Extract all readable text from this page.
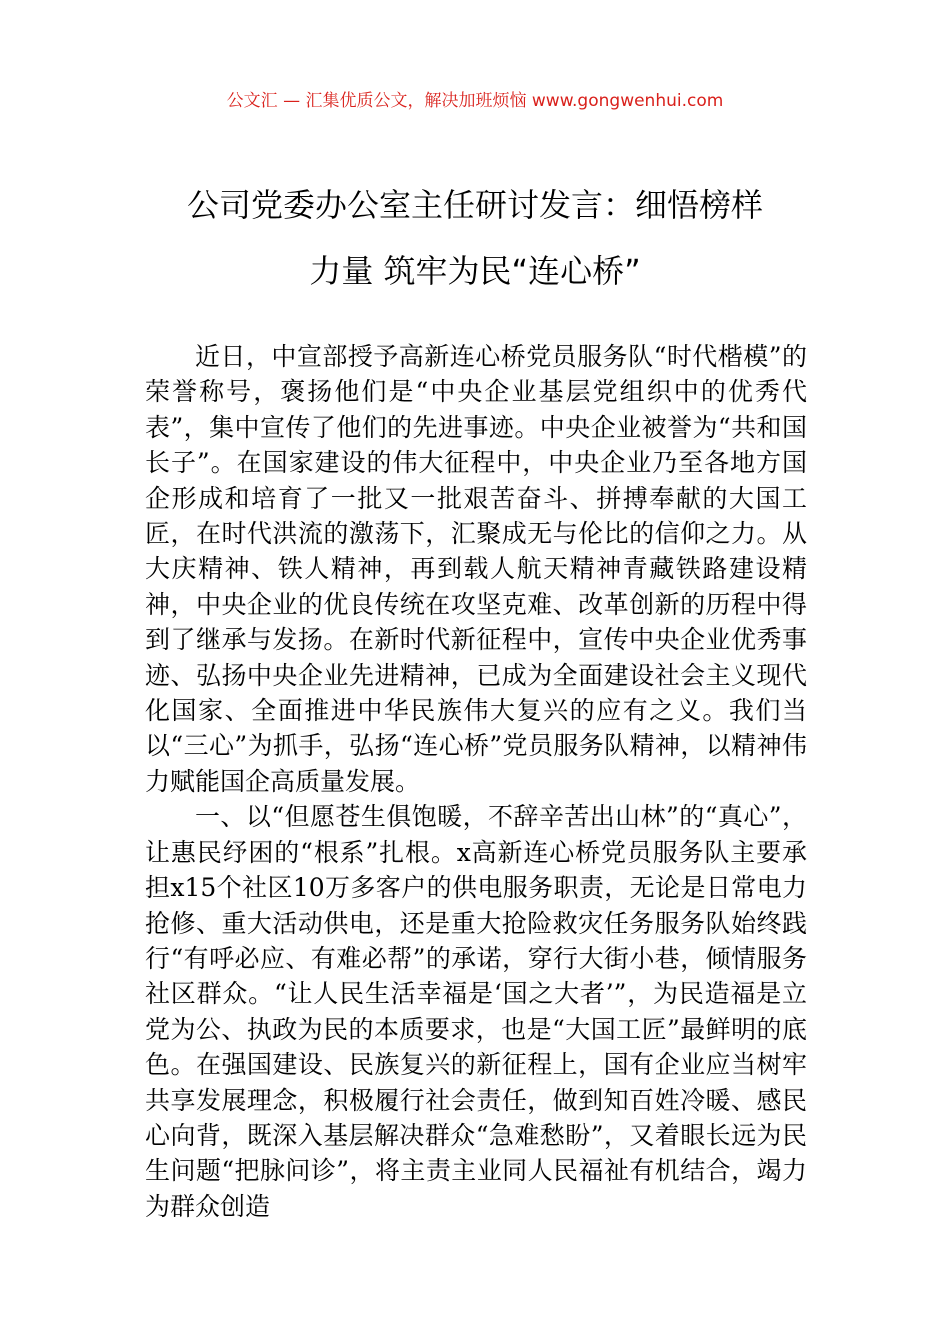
公文汇 — 汇集优质公文，解决加班烦恼 www.gongwenhui.com
公司党委办公室主任研讨发言：细悟榜样
力量 筑牢为民“连心桥”

近日，中宣部授予高新连心桥党员服务队“时代楷模”的荣誉称号，褒扬他们是“中央企业基层党组织中的优秀代表”，集中宣传了他们的先进事迹。中央企业被誉为“共和国长子”。在国家建设的伟大征程中，中央企业乃至各地方国企形成和培育了一批又一批艰苦奋斗、拼搏奉献的大国工匠，在时代洪流的激荡下，汇聚成无与伦比的信仰之力。从大庆精神、铁人精神，再到载人航天精神青藏铁路建设精神，中央企业的优良传统在攻坚克难、改革创新的历程中得到了继承与发扬。在新时代新征程中，宣传中央企业优秀事迹、弘扬中央企业先进精神，已成为全面建设社会主义现代化国家、全面推进中华民族伟大复兴的应有之义。我们当以“三心”为抓手，弘扬“连心桥”党员服务队精神，以精神伟力赋能国企高质量发展。

一、以“但愿苍生俱饱暖，不辞辛苦出山林”的“真心”，让惠民纾困的“根系”扎根。x高新连心桥党员服务队主要承担x15个社区10万多客户的供电服务职责，无论是日常电力抢修、重大活动供电，还是重大抢险救灾任务服务队始终践行“有呼必应、有难必帮”的承诺，穿行大街小巷，倾情服务社区群众。“让人民生活幸福是‘国之大者’”，为民造福是立党为公、执政为民的本质要求，也是“大国工匠”最鲜明的底色。在强国建设、民族复兴的新征程上，国有企业应当树牢共享发展理念，积极履行社会责任，做到知百姓冷暖、感民心向背，既深入基层解决群众“急难愁盼”，又着眼长远为民生问题“把脉问诊”，将主责主业同人民福祉有机结合，竭力为群众创造
